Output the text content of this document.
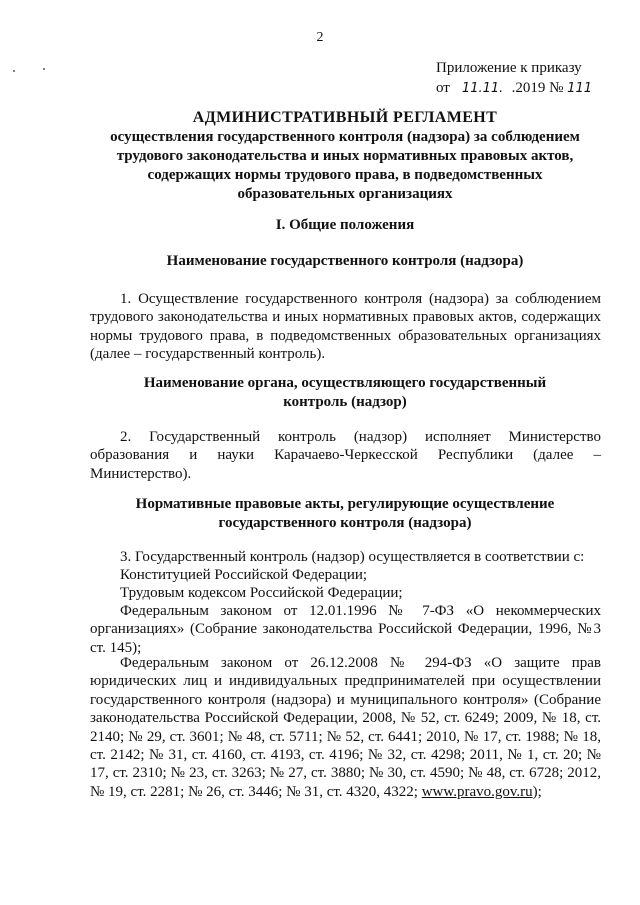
2
Приложение к приказу
от 11.11. .2019 № 111
АДМИНИСТРАТИВНЫЙ РЕГЛАМЕНТ
осуществления государственного контроля (надзора) за соблюдением
трудового законодательства и иных нормативных правовых актов,
содержащих нормы трудового права, в подведомственных
образовательных организациях
I. Общие положения
Наименование государственного контроля (надзора)
1. Осуществление государственного контроля (надзора) за соблюдением трудового законодательства и иных нормативных правовых актов, содержащих нормы трудового права, в подведомственных образовательных организациях (далее – государственный контроль).
Наименование органа, осуществляющего государственный
контроль (надзор)
2. Государственный контроль (надзор) исполняет Министерство образования и науки Карачаево-Черкесской Республики (далее – Министерство).
Нормативные правовые акты, регулирующие осуществление
государственного контроля (надзора)
3. Государственный контроль (надзор) осуществляется в соответствии с:
Конституцией Российской Федерации;
Трудовым кодексом Российской Федерации;
Федеральным законом от 12.01.1996 № 7-ФЗ «О некоммерческих организациях» (Собрание законодательства Российской Федерации, 1996, №3 ст. 145);
Федеральным законом от 26.12.2008 № 294-ФЗ «О защите прав юридических лиц и индивидуальных предпринимателей при осуществлении государственного контроля (надзора) и муниципального контроля» (Собрание законодательства Российской Федерации, 2008, № 52, ст. 6249; 2009, № 18, ст. 2140; № 29, ст. 3601; № 48, ст. 5711; № 52, ст. 6441; 2010, № 17, ст. 1988; № 18, ст. 2142; № 31, ст. 4160, ст. 4193, ст. 4196; № 32, ст. 4298; 2011, № 1, ст. 20; № 17, ст. 2310; № 23, ст. 3263; № 27, ст. 3880; № 30, ст. 4590; № 48, ст. 6728; 2012, № 19, ст. 2281; № 26, ст. 3446; № 31, ст. 4320, 4322; www.pravo.gov.ru);
